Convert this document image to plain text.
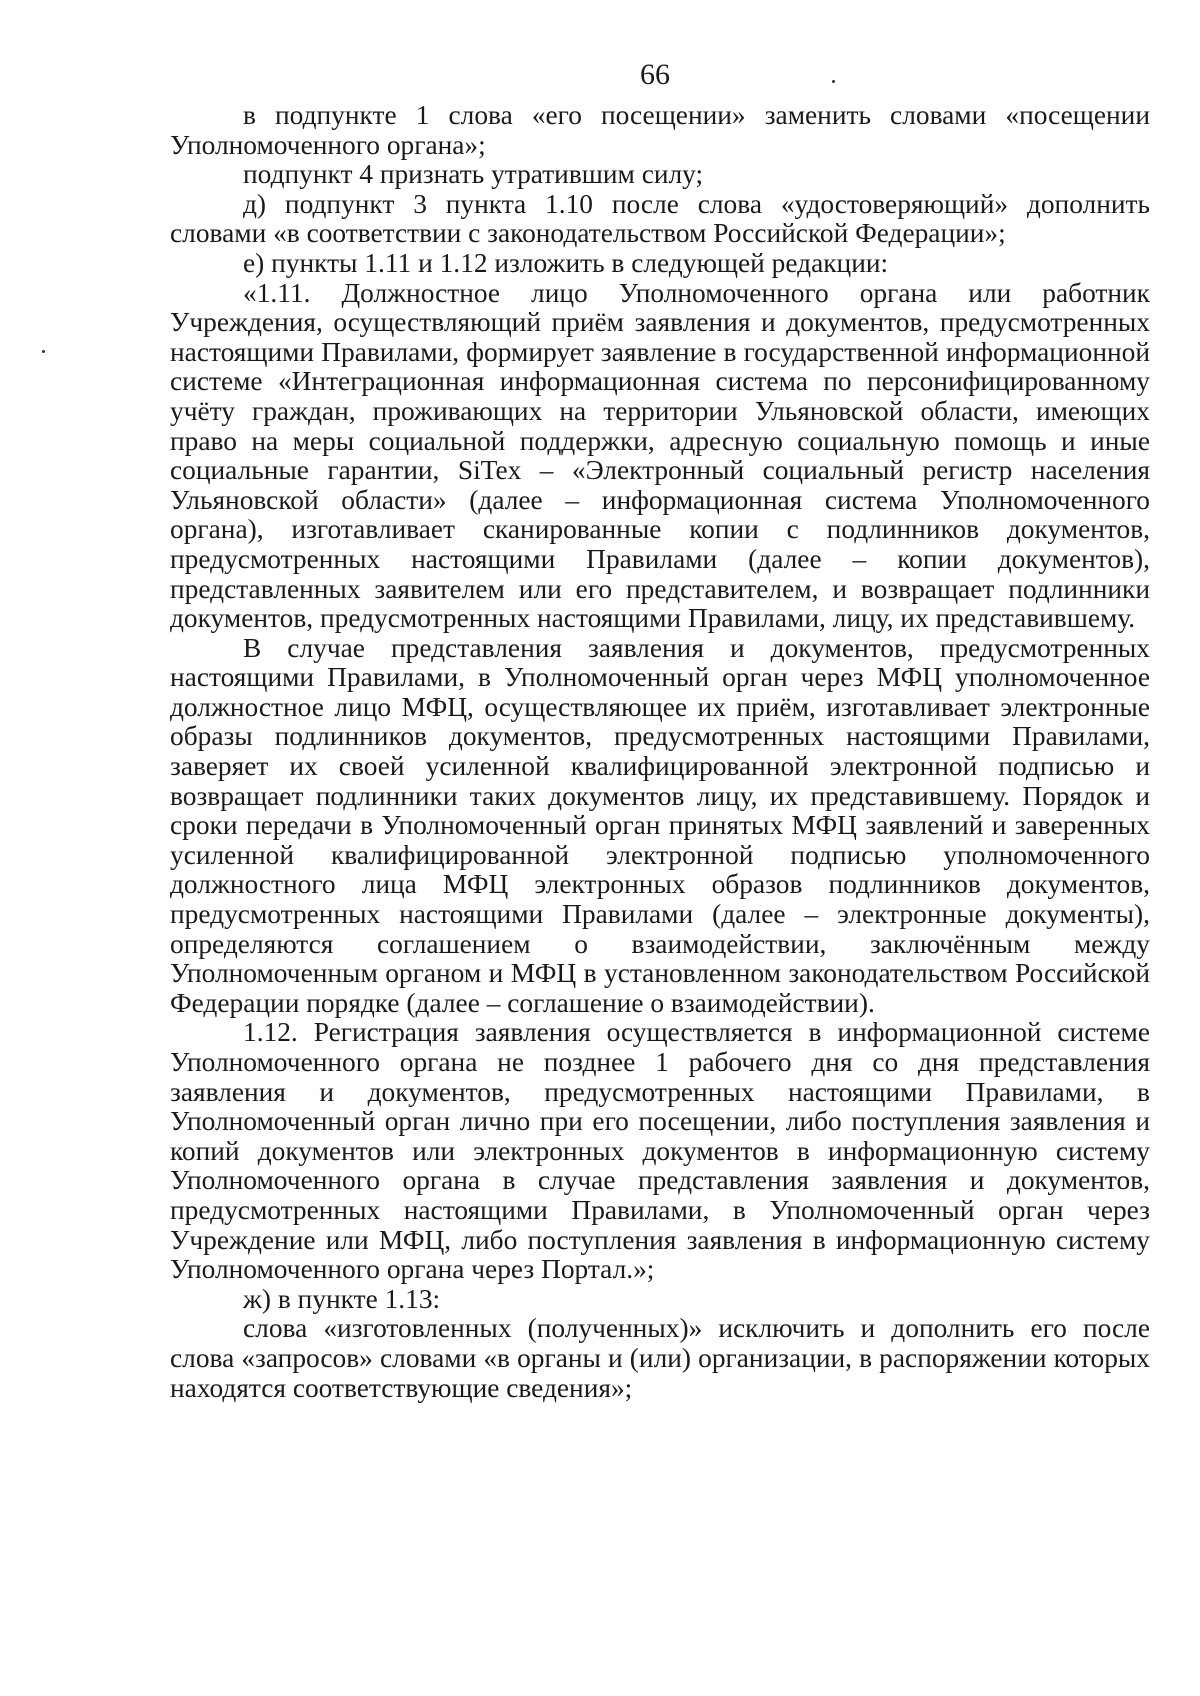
66

в подпункте 1 слова «его посещении» заменить словами «посещении Уполномоченного органа»;

подпункт 4 признать утратившим силу;

д) подпункт 3 пункта 1.10 после слова «удостоверяющий» дополнить словами «в соответствии с законодательством Российской Федерации»;

е) пункты 1.11 и 1.12 изложить в следующей редакции:

«1.11. Должностное лицо Уполномоченного органа или работник Учреждения, осуществляющий приём заявления и документов, предусмотренных настоящими Правилами, формирует заявление в государственной информационной системе «Интеграционная информационная система по персонифицированному учёту граждан, проживающих на территории Ульяновской области, имеющих право на меры социальной поддержки, адресную социальную помощь и иные социальные гарантии, SiTex – «Электронный социальный регистр населения Ульяновской области» (далее – информационная система Уполномоченного органа), изготавливает сканированные копии с подлинников документов, предусмотренных настоящими Правилами (далее – копии документов), представленных заявителем или его представителем, и возвращает подлинники документов, предусмотренных настоящими Правилами, лицу, их представившему.

В случае представления заявления и документов, предусмотренных настоящими Правилами, в Уполномоченный орган через МФЦ уполномоченное должностное лицо МФЦ, осуществляющее их приём, изготавливает электронные образы подлинников документов, предусмотренных настоящими Правилами, заверяет их своей усиленной квалифицированной электронной подписью и возвращает подлинники таких документов лицу, их представившему. Порядок и сроки передачи в Уполномоченный орган принятых МФЦ заявлений и заверенных усиленной квалифицированной электронной подписью уполномоченного должностного лица МФЦ электронных образов подлинников документов, предусмотренных настоящими Правилами (далее – электронные документы), определяются соглашением о взаимодействии, заключённым между Уполномоченным органом и МФЦ в установленном законодательством Российской Федерации порядке (далее – соглашение о взаимодействии).

1.12. Регистрация заявления осуществляется в информационной системе Уполномоченного органа не позднее 1 рабочего дня со дня представления заявления и документов, предусмотренных настоящими Правилами, в Уполномоченный орган лично при его посещении, либо поступления заявления и копий документов или электронных документов в информационную систему Уполномоченного органа в случае представления заявления и документов, предусмотренных настоящими Правилами, в Уполномоченный орган через Учреждение или МФЦ, либо поступления заявления в информационную систему Уполномоченного органа через Портал.»;

ж) в пункте 1.13:

слова «изготовленных (полученных)» исключить и дополнить его после слова «запросов» словами «в органы и (или) организации, в распоряжении которых находятся соответствующие сведения»;
